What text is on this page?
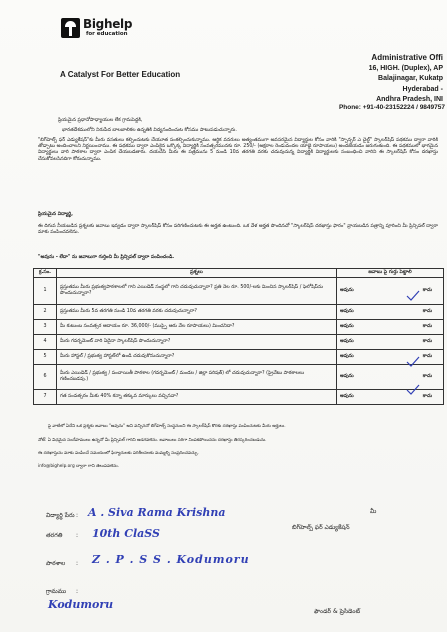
Bighelp
for education
A Catalyst For Better Education
Administrative Offi
16, HIGH. (Duplex), AP
Balajinagar, Kukatp
Hyderabad -
Andhra Pradesh, INI
Phone: +91-40-23152224 / 9849757
ప్రియమైన ప్రధానోపాధ్యాయుల లేక గ్రామపెద్దకి,
భారతదేశములోని నిరుపేద బాలబాలికల ఉన్నతికి విద్యనందించుట కోసము పాటుపడుచున్నారు.
"బిగ్‌హెల్ప్ ఫర్ ఎడ్యుకేషన్"కు మీరు వసతులు కల్పించుటకు చేయూత సంకల్పించుకున్నాము. ఆర్థిక వనరులు అత్యంతముగా అవసరమైన విద్యార్థుల కోసం వారికి "స్పాన్సర్ ఎ చైల్డ్" స్కాలర్‌షిప్ పథకము ద్వారా వారికి తోడ్పాటు అందించాలని నిర్ణయించాము. ఈ పథకము ద్వారా ఎంపికైన ఒక్కొక్క విద్యార్థికి సంవత్సరమునకు రూ. 250/- (అక్షరాల రెండువందల యాభై రూపాయలు) అందజేయడం జరుగుతుంది. ఈ పథకములో భాగమైన విద్యార్థులు వారి పాఠశాల ద్వారా ఎంపిక చేయబడతారు. దయచేసి మీరు ఈ పత్రమును 5 నుండి 10వ తరగతి వరకు చదువుచున్న విద్యార్థికి విద్యార్థులకు సంబంధించి వారిని ఈ స్కాలర్‌షిప్ కోసం దరఖాస్తు చేసుకోవలసినదిగా కోరుచున్నాము.
ప్రియమైన విద్యార్థి,
ఈ దిగువ నీయబడిన ప్రశ్నలకు జవాబు ఇవ్వడం ద్వారా స్కాలర్‌షిప్ కోసం పరిగణించుటకు ఈ అర్హత ఉంటుంది. ఒక వేళ అర్హత పొందినచో "స్కాలర్‌షిప్ దరఖాస్తు ఫారం" వ్రాయబడిన పత్రాన్ని పూరించి మీ ప్రిన్సిపల్ ద్వారా మాకు పంపించవలెను.
"అవును - లేదా" ను జవాబుగా గుర్తించి మీ ప్రిన్సిపల్ ద్వారా పంపించండి.
క్ర.సం.	ప్రశ్నలు	జవాబు పై గుర్తు పెట్టాలి
1	ప్రస్తుతము మీరు ప్రభుత్వపాఠశాలలో గాని ఎయిడెడ్ సంస్థలో గాని చదువుచున్నారా? ప్రతి నెల రూ. 500/-లకు మించిన స్కాలర్‌షిప్ / ఫెలోషిప్‌ను పొందుచున్నారా?	అవును కాదు

2	ప్రస్తుతము మీరు 5వ తరగతి నుండి 10వ తరగతి వరకు చదువుచున్నారా?	అవును కాదు

3	మీ కుటుంబ సంవత్సర ఆదాయం రూ. 36,000/- (ముప్పై ఆరు వేల రూపాయలు) మించనిదా?	అవును కాదు

4	మీరు గవర్నమెంట్ వారి ఏదైనా స్కాలర్‌షిప్ పొందుచున్నారా?	అవును కాదు

5	మీరు హాస్టల్ / ప్రభుత్వ హాస్టల్‌లో ఉండి చదువుకొనుచున్నారా?	అవును కాదు

6	మీరు ఎయిడెడ్ / ప్రభుత్వ / పంచాయితీ పాఠశాల (గవర్నమెంట్ / మండల / జిల్లా పరిషత్) లో చదువుచున్నారా? (ప్రైవేటు పాఠశాలలు గణించబడవు.)	అవును కాదు

7	గత సంవత్సరం మీకు 40% కన్నా తక్కువ మార్కులు వచ్చినవా?	అవును కాదు
పై వాటిలో ఏదేని ఒక ప్రశ్నకు జవాబు "అవును" అని వచ్చినచో బిగ్‌హెల్ప్ సంస్థనుంచి ఈ స్కాలర్‌షిప్ కొరకు దరఖాస్తు పంపించుటకు మీరు అర్హులు.
నోట్: ఏ విధమైన సందేహములు ఉన్నచో మీ ప్రిన్సిపల్ గారిని అడగవలెను. జవాబులు సరిగా నింపకపోయినను దరఖాస్తు తిరస్కరించబడును.
ఈ దరఖాస్తును మాకు పంపించే సమయంలో ఫిర్యాదులకు పరిశీలనలకు మమ్మల్ని సంప్రదించవచ్చు.
info@bighelp.org ద్వారా గాని తెలుపవలెను.
విద్యార్థి పేరు : A . Siva Rama Krishna
తరగతి : 10th ClaSS
పాఠశాల : Z . P . S S . Kodumoru
గ్రామము :
Kodumoru
మీ
బిగ్‌హెల్ప్ ఫర్ ఎడ్యుకేషన్
ఫౌండర్ & ప్రెసిడెంట్
